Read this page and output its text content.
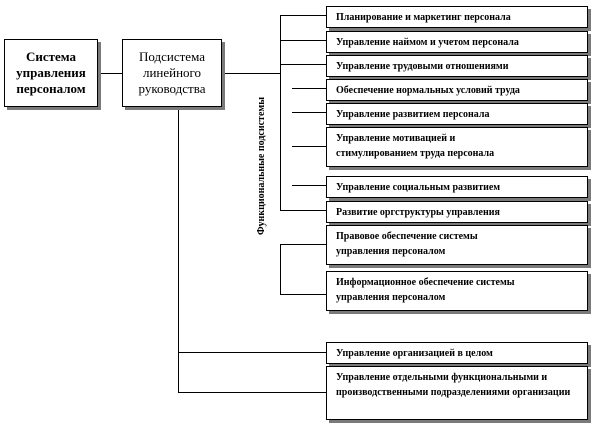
Система управления персоналом
Подсистема линейного руководства
Функциональные подсистемы
Планирование и маркетинг персонала
Управление наймом и учетом персонала
Управление трудовыми отношениями
Обеспечение нормальных условий труда
Управление развитием персонала
Управление мотивацией и стимулированием труда персонала
Управление социальным развитием
Развитие оргструктуры управления
Правовое обеспечение системы управления персоналом
Информационное обеспечение системы управления персоналом
Управление организацией в целом
Управление отдельными функциональными и производственными подразделениями организации
